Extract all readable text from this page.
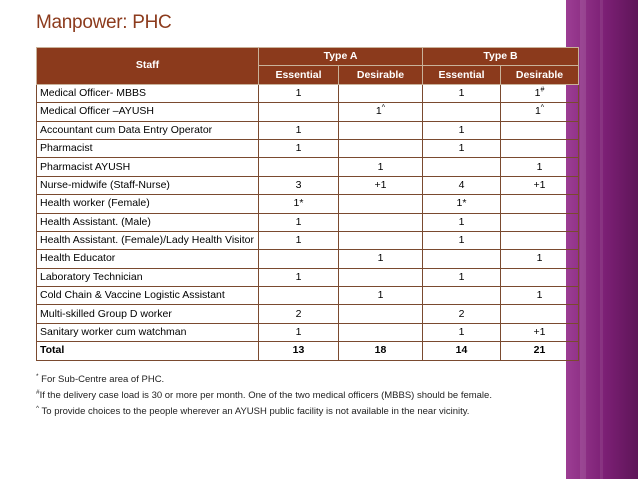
Manpower: PHC
Staff	Type A		Type B	
	Essential	Desirable	Essential	Desirable
Medical Officer- MBBS	1		1	1#
Medical Officer –AYUSH		1^		1^
Accountant cum Data Entry Operator	1		1	
Pharmacist	1		1	
Pharmacist AYUSH		1		1
Nurse-midwife (Staff-Nurse)	3	+1	4	+1
Health worker (Female)	1*		1*	
Health Assistant. (Male)	1		1	
Health Assistant. (Female)/Lady Health Visitor	1		1	
Health Educator		1		1
Laboratory Technician	1		1	
Cold Chain & Vaccine Logistic Assistant		1		1
Multi-skilled Group D worker	2		2	
Sanitary worker cum watchman	1		1	+1
Total	13	18	14	21
* For Sub-Centre area of PHC.
#If the delivery case load is 30 or more per month. One of the two medical officers (MBBS) should be female.
^ To provide choices to the people wherever an AYUSH public facility is not available in the near vicinity.
